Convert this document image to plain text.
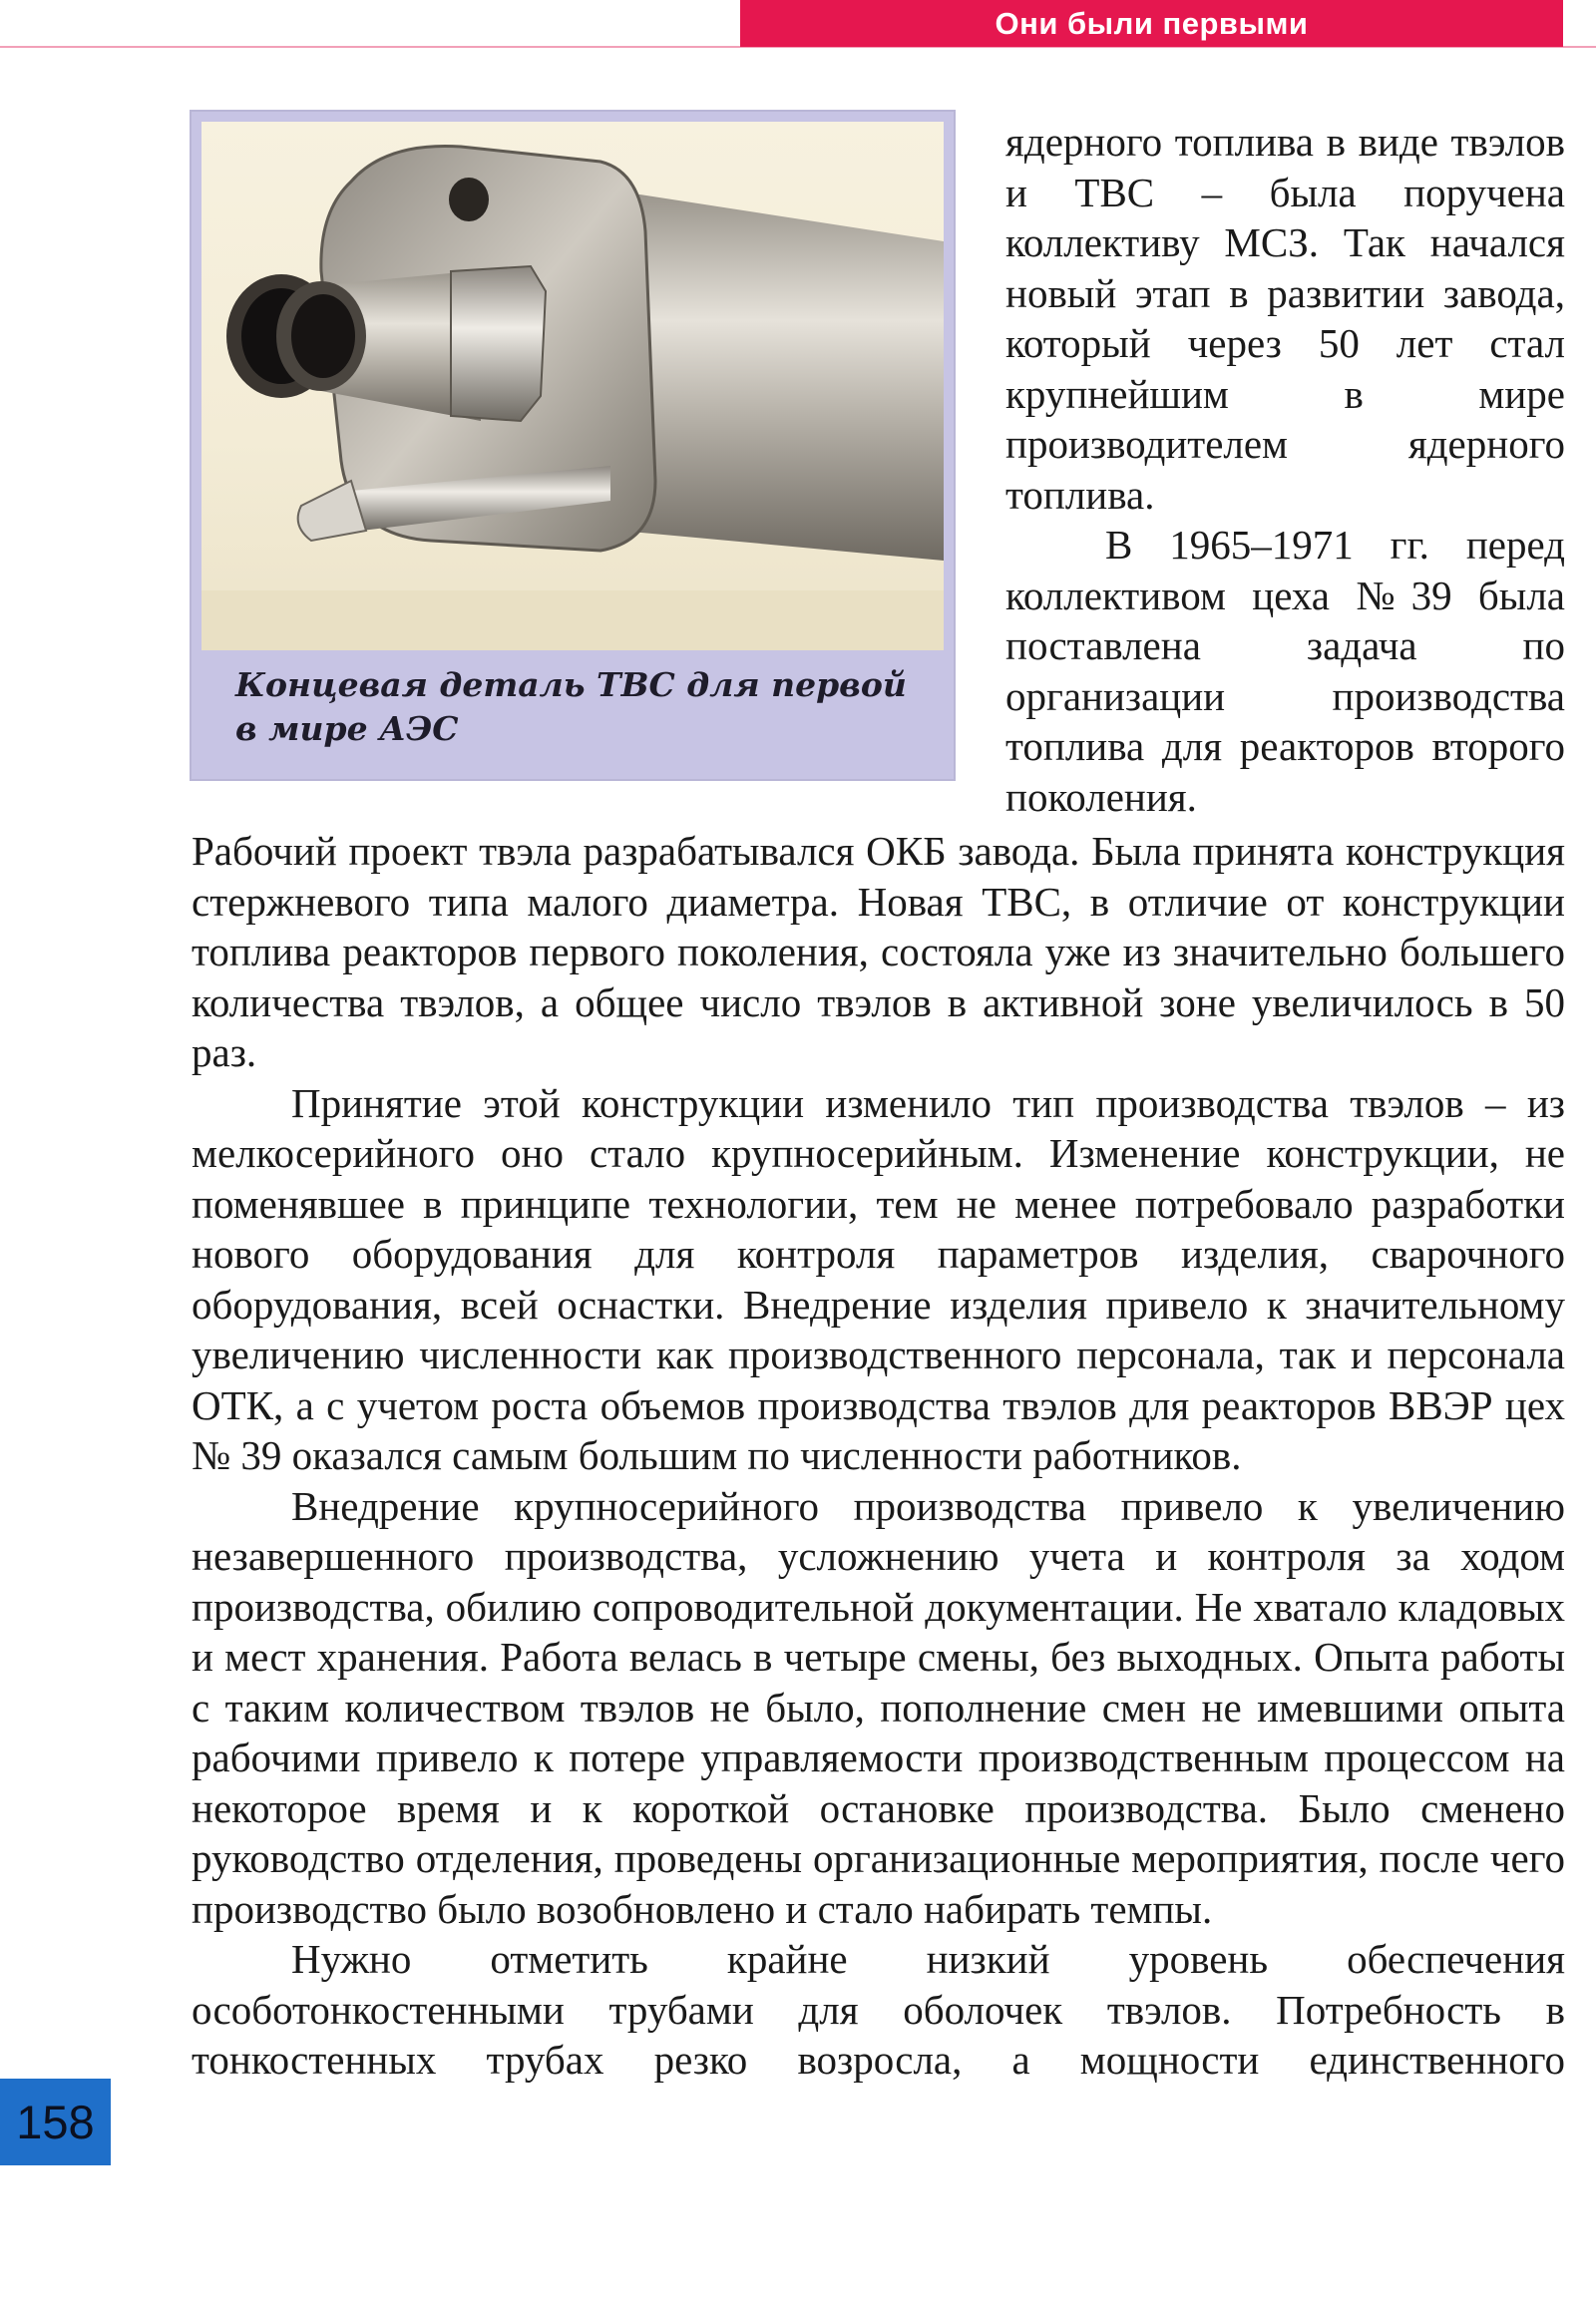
Они были первыми
Концевая деталь ТВС для первой в мире АЭС

ядерного топлива в виде твэлов и ТВС – была поручена коллективу МСЗ. Так начался новый этап в развитии завода, который через 50 лет стал крупнейшим в мире производителем ядерного топлива.

В 1965–1971 гг. перед коллективом цеха №39 была поставлена задача по организации производства топлива для реакторов второго поколения.

Рабочий проект твэла разрабатывался ОКБ завода. Была принята конструкция стержневого типа малого диаметра. Новая ТВС, в отличие от конструкции топлива реакторов первого поколения, состояла уже из значительно большего количества твэлов, а общее число твэлов в активной зоне увеличилось в 50 раз.

Принятие этой конструкции изменило тип производства твэлов – из мелкосерийного оно стало крупносерийным. Изменение конструкции, не поменявшее в принципе технологии, тем не менее потребовало разработки нового оборудования для контроля параметров изделия, сварочного оборудования, всей оснастки. Внедрение изделия привело к значительному увеличению численности как производственного персонала, так и персонала ОТК, а с учетом роста объемов производства твэлов для реакторов ВВЭР цех № 39 оказался самым большим по численности работников.

Внедрение крупносерийного производства привело к увеличению незавершенного производства, усложнению учета и контроля за ходом производства, обилию сопроводительной документации. Не хватало кладовых и мест хранения. Работа велась в четыре смены, без выходных. Опыта работы с таким количеством твэлов не было, пополнение смен не имевшими опыта рабочими привело к потере управляемости производственным процессом на некоторое время и к короткой остановке производства. Было сменено руководство отделения, проведены организационные мероприятия, после чего производство было возобновлено и стало набирать темпы.

Нужно отметить крайне низкий уровень обеспечения особотонкостенными трубами для оболочек твэлов. Потребность в тонкостенных трубах резко возросла, а мощности единственного

158
